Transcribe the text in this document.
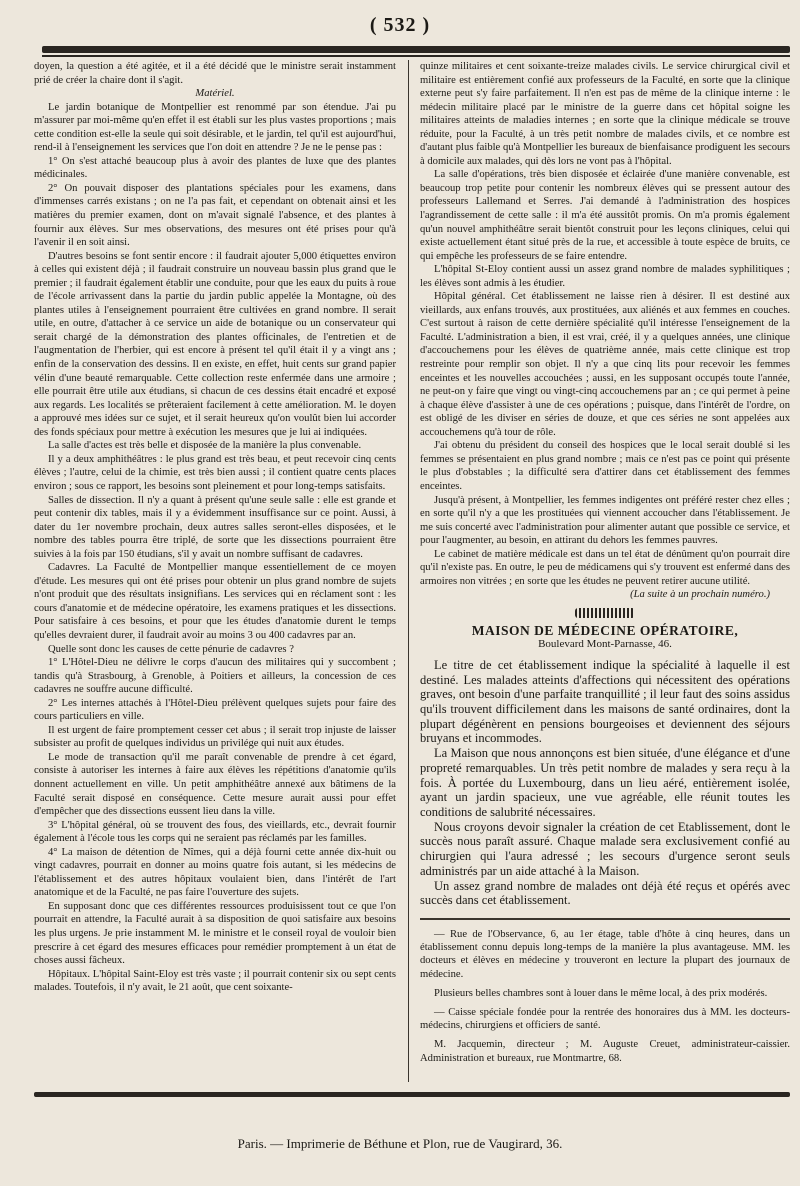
( 532 )

doyen, la question a été agitée, et il a été décidé que le ministre serait instamment prié de créer la chaire dont il s'agit.

Matériel.

Le jardin botanique de Montpellier est renommé par son étendue. J'ai pu m'assurer par moi-même qu'en effet il est établi sur les plus vastes proportions ; mais cette condition est-elle la seule qui soit désirable, et le jardin, tel qu'il est aujourd'hui, rend-il à l'enseignement les services que l'on doit en attendre ? Je ne le pense pas :

1° On s'est attaché beaucoup plus à avoir des plantes de luxe que des plantes médicinales.

2° On pouvait disposer des plantations spéciales pour les examens, dans d'immenses carrés existans ; on ne l'a pas fait, et cependant on obtenait ainsi et les matières du premier examen, dont on m'avait signalé l'absence, et des plantes à fournir aux élèves. Sur mes observations, des mesures ont été prises pour qu'à l'avenir il en soit ainsi.

D'autres besoins se font sentir encore : il faudrait ajouter 5,000 étiquettes environ à celles qui existent déjà ; il faudrait construire un nouveau bassin plus grand que le premier ; il faudrait également établir une conduite, pour que les eaux du puits à roue de l'école arrivassent dans la partie du jardin public appelée la Montagne, où des plantes utiles à l'enseignement pourraient être cultivées en grand nombre. Il serait utile, en outre, d'attacher à ce service un aide de botanique ou un conservateur qui serait chargé de la démonstration des plantes officinales, de l'entretien et de l'augmentation de l'herbier, qui est encore à présent tel qu'il était il y a vingt ans ; enfin de la conservation des dessins. Il en existe, en effet, huit cents sur grand papier vélin d'une beauté remarquable. Cette collection reste enfermée dans une armoire ; elle pourrait être utile aux étudians, si chacun de ces dessins était encadré et exposé aux regards. Les localités se prêteraient facilement à cette amélioration. M. le doyen a approuvé mes idées sur ce sujet, et il serait heureux qu'on voulût bien lui accorder des fonds spéciaux pour mettre à exécution les mesures que je lui ai indiquées.

La salle d'actes est très belle et disposée de la manière la plus convenable.

Il y a deux amphithéâtres : le plus grand est très beau, et peut recevoir cinq cents élèves ; l'autre, celui de la chimie, est très bien aussi ; il contient quatre cents places environ ; sous ce rapport, les besoins sont pleinement et pour long-temps satisfaits.

Salles de dissection. Il n'y a quant à présent qu'une seule salle : elle est grande et peut contenir dix tables, mais il y a évidemment insuffisance sur ce point. Aussi, à dater du 1er novembre prochain, deux autres salles seront-elles disposées, et le nombre des tables pourra être triplé, de sorte que les dissections pourraient être suivies à la fois par 150 étudians, s'il y avait un nombre suffisant de cadavres.

Cadavres. La Faculté de Montpellier manque essentiellement de ce moyen d'étude. Les mesures qui ont été prises pour obtenir un plus grand nombre de sujets n'ont produit que des résultats insignifians. Les services qui en réclament sont : les cours d'anatomie et de médecine opératoire, les examens pratiques et les dissections. Pour satisfaire à ces besoins, et pour que les études d'anatomie durent le temps qu'elles devraient durer, il faudrait avoir au moins 3 ou 400 cadavres par an.

Quelle sont donc les causes de cette pénurie de cadavres ?

1° L'Hôtel-Dieu ne délivre le corps d'aucun des militaires qui y succombent ; tandis qu'à Strasbourg, à Grenoble, à Poitiers et ailleurs, la concession de ces cadavres ne souffre aucune difficulté.

2° Les internes attachés à l'Hôtel-Dieu prélèvent quelques sujets pour faire des cours particuliers en ville.

Il est urgent de faire promptement cesser cet abus ; il serait trop injuste de laisser subsister au profit de quelques individus un privilége qui nuit aux études.

Le mode de transaction qu'il me paraît convenable de prendre à cet égard, consiste à autoriser les internes à faire aux élèves les répétitions d'anatomie qu'ils donnent actuellement en ville. Un petit amphithéâtre annexé aux bâtimens de la Faculté serait disposé en conséquence. Cette mesure aurait aussi pour effet d'empêcher que des dissections eussent lieu dans la ville.

3° L'hôpital général, où se trouvent des fous, des vieillards, etc., devrait fournir également à l'école tous les corps qui ne seraient pas réclamés par les familles.

4° La maison de détention de Nîmes, qui a déjà fourni cette année dix-huit ou vingt cadavres, pourrait en donner au moins quatre fois autant, si les médecins de l'établissement et des autres hôpitaux voulaient bien, dans l'intérêt de l'art anatomique et de la Faculté, ne pas faire l'ouverture des sujets.

En supposant donc que ces différentes ressources produisissent tout ce que l'on pourrait en attendre, la Faculté aurait à sa disposition de quoi satisfaire aux besoins les plus urgens. Je prie instamment M. le ministre et le conseil royal de vouloir bien prescrire à cet égard des mesures efficaces pour remédier promptement à un état de choses aussi fâcheux.

Hôpitaux. L'hôpital Saint-Eloy est très vaste ; il pourrait contenir six ou sept cents malades. Toutefois, il n'y avait, le 21 août, que cent soixante-

quinze militaires et cent soixante-treize malades civils. Le service chirurgical civil et militaire est entièrement confié aux professeurs de la Faculté, en sorte que la clinique externe peut s'y faire parfaitement. Il n'en est pas de même de la clinique interne : le médecin militaire placé par le ministre de la guerre dans cet hôpital soigne les militaires atteints de maladies internes ; en sorte que la clinique médicale se trouve réduite, pour la Faculté, à un très petit nombre de malades civils, et ce nombre est d'autant plus faible qu'à Montpellier les bureaux de bienfaisance prodiguent les secours à domicile aux malades, qui dès lors ne vont pas à l'hôpital.

La salle d'opérations, très bien disposée et éclairée d'une manière convenable, est beaucoup trop petite pour contenir les nombreux élèves qui se pressent autour des professeurs Lallemand et Serres. J'ai demandé à l'administration des hospices l'agrandissement de cette salle : il m'a été aussitôt promis. On m'a promis également qu'un nouvel amphithéâtre serait bientôt construit pour les leçons cliniques, celui qui existe actuellement étant situé près de la rue, et accessible à toute espèce de bruits, ce qui empêche les professeurs de se faire entendre.

L'hôpital St-Eloy contient aussi un assez grand nombre de malades syphilitiques ; les élèves sont admis à les étudier.

Hôpital général. Cet établissement ne laisse rien à désirer. Il est destiné aux vieillards, aux enfans trouvés, aux prostituées, aux aliénés et aux femmes en couches. C'est surtout à raison de cette dernière spécialité qu'il intéresse l'enseignement de la Faculté. L'administration a bien, il est vrai, créé, il y a quelques années, une clinique d'accouchemens pour les élèves de quatrième année, mais cette clinique est trop restreinte pour remplir son objet. Il n'y a que cinq lits pour recevoir les femmes enceintes et les nouvelles accouchées ; aussi, en les supposant occupés toute l'année, ne peut-on y faire que vingt ou vingt-cinq accouchemens par an ; ce qui permet à peine à chaque élève d'assister à une de ces opérations ; puisque, dans l'intérêt de l'ordre, on est obligé de les diviser en séries de douze, et que ces séries ne sont appelées aux accouchemens qu'à tour de rôle.

J'ai obtenu du président du conseil des hospices que le local serait doublé si les femmes se présentaient en plus grand nombre ; mais ce n'est pas ce point qui présente le plus d'obstables ; la difficulté sera d'attirer dans cet établissement des femmes enceintes.

Jusqu'à présent, à Montpellier, les femmes indigentes ont préféré rester chez elles ; en sorte qu'il n'y a que les prostituées qui viennent accoucher dans l'établissement. Je me suis concerté avec l'administration pour alimenter autant que possible ce service, et pour l'augmenter, au besoin, en attirant du dehors les femmes pauvres.

Le cabinet de matière médicale est dans un tel état de dénûment qu'on pourrait dire qu'il n'existe pas. En outre, le peu de médicamens qui s'y trouvent est enfermé dans des armoires non vitrées ; en sorte que les études ne peuvent retirer aucune utilité.

(La suite à un prochain numéro.)

MAISON DE MÉDECINE OPÉRATOIRE,
Boulevard Mont-Parnasse, 46.

Le titre de cet établissement indique la spécialité à laquelle il est destiné. Les malades atteints d'affections qui nécessitent des opérations graves, ont besoin d'une parfaite tranquillité ; il leur faut des soins assidus qu'ils trouvent difficilement dans les maisons de santé ordinaires, dont la plupart dégénèrent en pensions bourgeoises et deviennent des séjours bruyans et incommodes.

La Maison que nous annonçons est bien située, d'une élégance et d'une propreté remarquables. Un très petit nombre de malades y sera reçu à la fois. À portée du Luxembourg, dans un lieu aéré, entièrement isolée, ayant un jardin spacieux, une vue agréable, elle réunit toutes les conditions de salubrité nécessaires.

Nous croyons devoir signaler la création de cet Etablissement, dont le succès nous paraît assuré. Chaque malade sera exclusivement confié au chirurgien qui l'aura adressé ; les secours d'urgence seront seuls administrés par un aide attaché à la Maison.

Un assez grand nombre de malades ont déjà été reçus et opérés avec succès dans cet établissement.

— Rue de l'Observance, 6, au 1er étage, table d'hôte à cinq heures, dans un établissement connu depuis long-temps de la manière la plus avantageuse. MM. les docteurs et élèves en médecine y trouveront en lecture la plupart des journaux de médecine.

Plusieurs belles chambres sont à louer dans le même local, à des prix modérés.

— Caisse spéciale fondée pour la rentrée des honoraires dus à MM. les docteurs-médecins, chirurgiens et officiers de santé.

M. Jacquemin, directeur ; M. Auguste Creuet, administrateur-caissier. Administration et bureaux, rue Montmartre, 68.

Paris. — Imprimerie de Béthune et Plon, rue de Vaugirard, 36.
